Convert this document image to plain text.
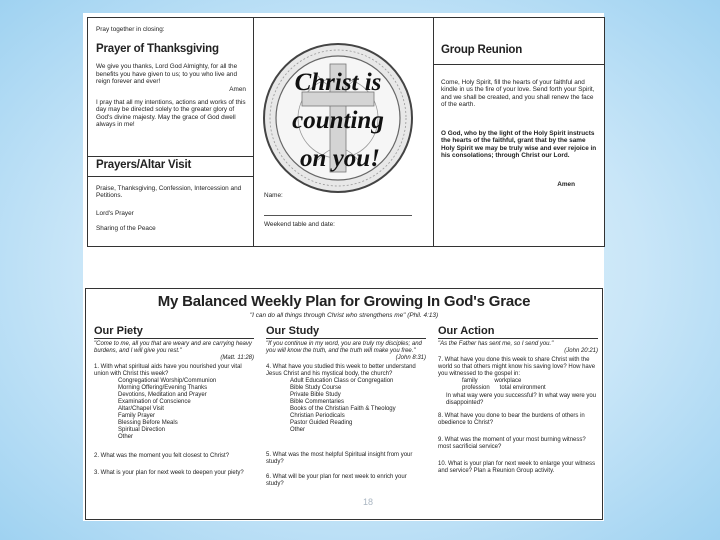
Pray together in closing:
Prayer of Thanksgiving
We give you thanks, Lord God Almighty, for all the benefits you have given to us; to you who live and reign forever and ever!
Amen
I pray that all my intentions, actions and works of this day may be directed solely to the greater glory of God's divine majesty. May the grace of God dwell always in me!
Prayers/Altar Visit
Praise, Thanksgiving, Confession, Intercession and Petitions.
Lord's Prayer
Sharing of the Peace
Christ is
counting
on you!
Name:
Weekend table and date:
Group Reunion
Come, Holy Spirit, fill the hearts of your faithful and kindle in us the fire of your love. Send forth your Spirit, and we shall be created, and you shall renew the face of the earth.
O God, who by the light of the Holy Spirit instructs the hearts of the faithful, grant that by the same Holy Spirit we may be truly wise and ever rejoice in his consolations; through Christ our Lord.
Amen
My Balanced Weekly Plan for Growing In God's Grace
"I can do all things through Christ who strengthens me" (Phil. 4:13)
Our Piety
"Come to me, all you that are weary and are carrying heavy burdens, and I will give you rest."
(Matt. 11:28)
1. With what spiritual aids have you nourished your vital union with Christ this week?
Congregational Worship/Communion
Morning Offering/Evening Thanks
Devotions, Meditation and Prayer
Examination of Conscience
Altar/Chapel Visit
Family Prayer
Blessing Before Meals
Spiritual Direction
Other
2. What was the moment you felt closest to Christ?
3. What is your plan for next week to deepen your piety?
Our Study
"If you continue in my word, you are truly my disciples; and you will know the truth, and the truth will make you free."
(John 8:31)
4. What have you studied this week to better understand Jesus Christ and his mystical body, the church?
Adult Education Class or Congregation
Bible Study Course
Private Bible Study
Bible Commentaries
Books of the Christian Faith & Theology
Christian Periodicals
Pastor Guided Reading
Other
5. What was the most helpful Spiritual insight from your study?
6. What will be your plan for next week to enrich your study?
Our Action
"As the Father has sent me, so I send you."
(John 20:21)
7. What have you done this week to share Christ with the world so that others might know his saving love? How have you witnessed to the gospel in:
family          workplace
profession      total environment
In what way were you successful? In what way were you disappointed?
8. What have you done to bear the burdens of others in obedience to Christ?
9. What was the moment of your most burning witness? most sacrificial service?
10. What is your plan for next week to enlarge your witness and service? Plan a Reunion Group activity.
18
